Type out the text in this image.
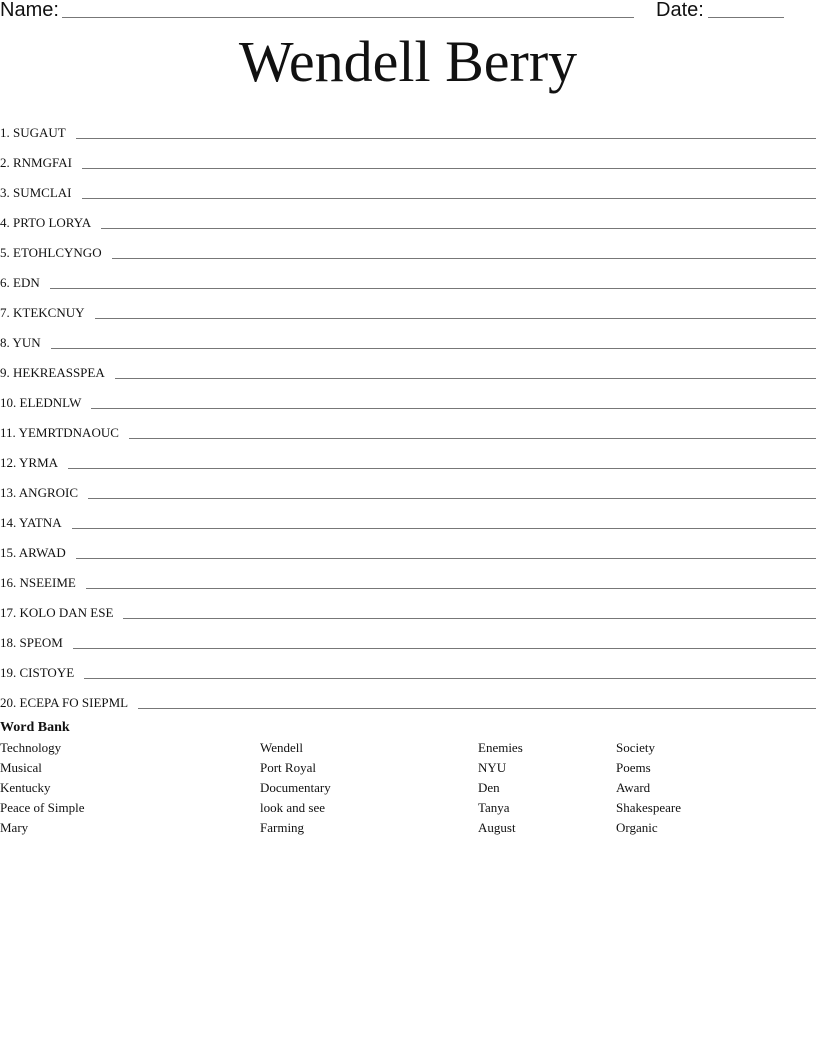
Name:	Date:
Wendell Berry
1. SUGAUT
2. RNMGFAI
3. SUMCLAI
4. PRTO LORYA
5. ETOHLCYNGO
6. EDN
7. KTEKCNUY
8. YUN
9. HEKREASSPEA
10. ELEDNLW
11. YEMRTDNAOUC
12. YRMA
13. ANGROIC
14. YATNA
15. ARWAD
16. NSEEIME
17. KOLO DAN ESE
18. SPEOM
19. CISTOYE
20. ECEPA FO SIEPML
Word Bank
Technology
Musical
Kentucky
Peace of Simple
Mary
Wendell
Port Royal
Documentary
look and see
Farming
Enemies
NYU
Den
Tanya
August
Society
Poems
Award
Shakespeare
Organic
